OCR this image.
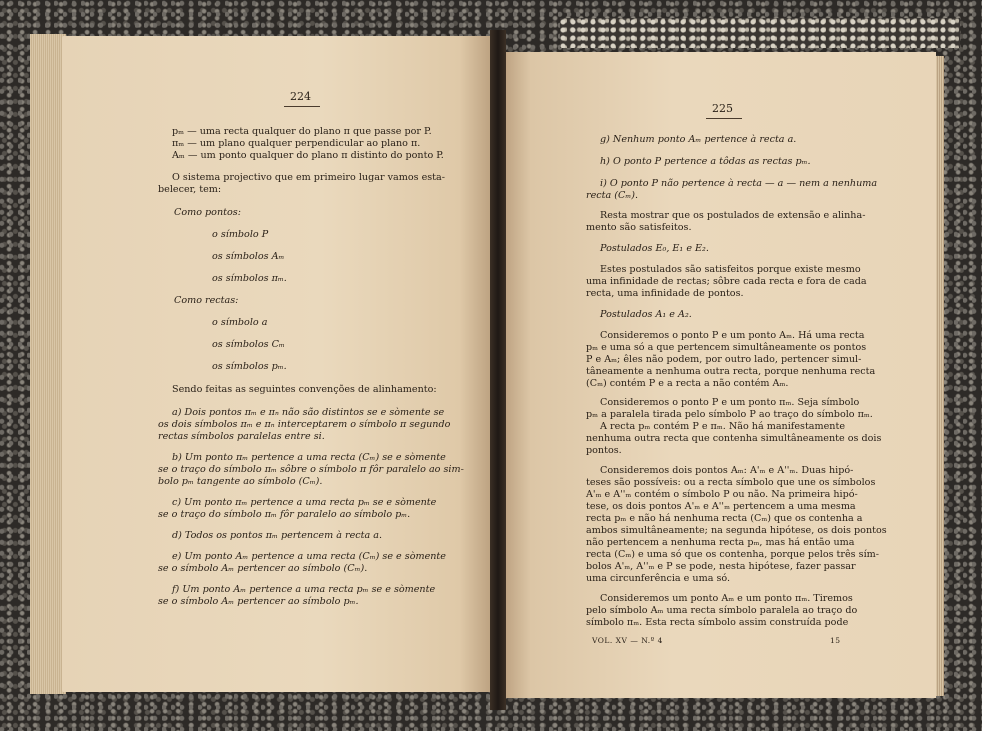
224
pₘ — uma recta qualquer do plano π que passe por P.
πₘ — um plano qualquer perpendicular ao plano π.
Aₘ — um ponto qualquer do plano π distinto do ponto P.
O sistema projectivo que em primeiro lugar vamos esta-
belecer, tem:
Como pontos:
o símbolo P
os símbolos Aₘ
os símbolos πₘ.
Como rectas:
o símbolo a
os símbolos Cₘ
os símbolos pₘ.
Sendo feitas as seguintes convenções de alinhamento:
a) Dois pontos πₘ e πₙ não são distintos se e sòmente se
os dois símbolos πₘ e πₙ interceptarem o símbolo π segundo
rectas símbolos paralelas entre si.
b) Um ponto πₘ pertence a uma recta (Cₘ) se e sòmente
se o traço do símbolo πₘ sôbre o símbolo π fôr paralelo ao sim-
bolo pₘ tangente ao símbolo (Cₘ).
c) Um ponto πₘ pertence a uma recta pₘ se e sòmente
se o traço do símbolo πₘ fôr paralelo ao símbolo pₘ.
d) Todos os pontos πₘ pertencem à recta a.
e) Um ponto Aₘ pertence a uma recta (Cₘ) se e sòmente
se o símbolo Aₘ pertencer ao símbolo (Cₘ).
f) Um ponto Aₘ pertence a uma recta pₘ se e sòmente
se o símbolo Aₘ pertencer ao símbolo pₘ.
225
g) Nenhum ponto Aₘ pertence à recta a.
h) O ponto P pertence a tôdas as rectas pₘ.
i) O ponto P não pertence à recta — a — nem a nenhuma
recta (Cₘ).
Resta mostrar que os postulados de extensão e alinha-
mento são satisfeitos.
Postulados E₀, E₁ e E₂.
Estes postulados são satisfeitos porque existe mesmo
uma infinidade de rectas; sôbre cada recta e fora de cada
recta, uma infinidade de pontos.
Postulados A₁ e A₂.
Consideremos o ponto P e um ponto Aₘ. Há uma recta
pₘ e uma só a que pertencem simultâneamente os pontos
P e Aₘ; êles não podem, por outro lado, pertencer simul-
tâneamente a nenhuma outra recta, porque nenhuma recta
(Cₘ) contém P e a recta a não contém Aₘ.
Consideremos o ponto P e um ponto πₘ. Seja símbolo
pₘ a paralela tirada pelo símbolo P ao traço do símbolo πₘ.
A recta pₘ contém P e πₘ. Não há manifestamente
nenhuma outra recta que contenha simultâneamente os dois
pontos.
Consideremos dois pontos Aₘ: A'ₘ e A''ₘ. Duas hipó-
teses são possíveis: ou a recta símbolo que une os símbolos
A'ₘ e A''ₘ contém o símbolo P ou não. Na primeira hipó-
tese, os dois pontos A'ₘ e A''ₘ pertencem a uma mesma
recta pₘ e não há nenhuma recta (Cₘ) que os contenha a
ambos simultâneamente; na segunda hipótese, os dois pontos
não pertencem a nenhuma recta pₘ, mas há então uma
recta (Cₘ) e uma só que os contenha, porque pelos três sím-
bolos A'ₘ, A''ₘ e P se pode, nesta hipótese, fazer passar
uma circunferência e uma só.
Consideremos um ponto Aₘ e um ponto πₘ. Tiremos
pelo símbolo Aₘ uma recta símbolo paralela ao traço do
símbolo πₘ. Esta recta símbolo assim construída pode
VOL. XV — N.º 4	15
